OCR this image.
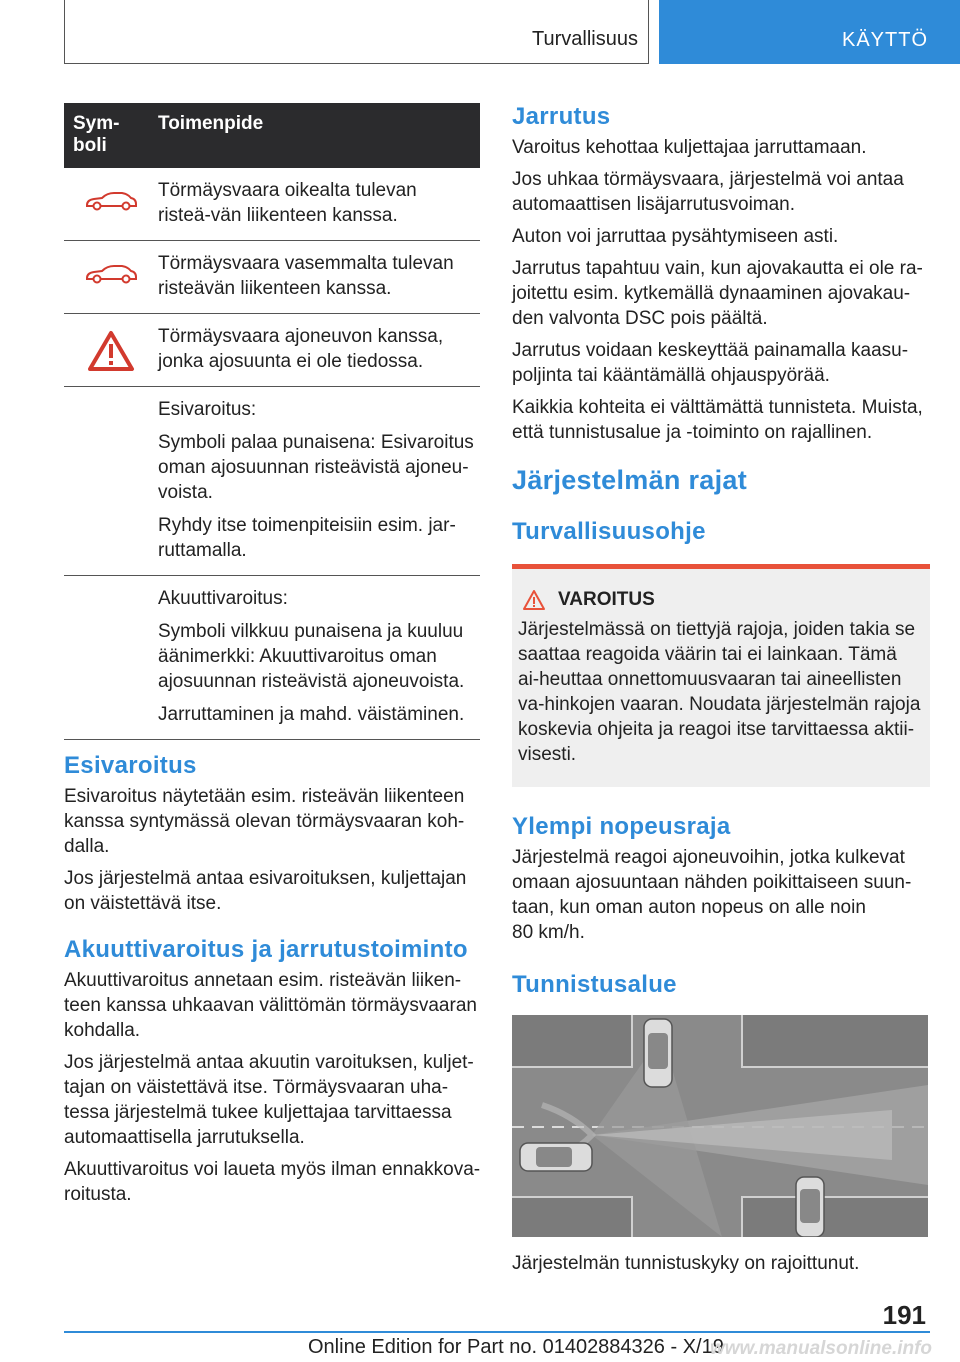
Turvallisuus	KÄYTTÖ
Sym-
boli
Toimenpide

Törmäysvaara oikealta tulevan risteä-vän liikenteen kanssa.

Törmäysvaara vasemmalta tulevan risteävän liikenteen kanssa.

Törmäysvaara ajoneuvon kanssa, jonka ajosuunta ei ole tiedossa.

Esivaroitus:

Symboli palaa punaisena: Esivaroitus oman ajosuunnan risteävistä ajoneu-voista.

Ryhdy itse toimenpiteisiin esim. jar-ruttamalla.

Akuuttivaroitus:

Symboli vilkkuu punaisena ja kuuluu äänimerkki: Akuuttivaroitus oman ajosuunnan risteävistä ajoneuvoista.

Jarruttaminen ja mahd. väistäminen.

Esivaroitus

Esivaroitus näytetään esim. risteävän liikenteen kanssa syntymässä olevan törmäysvaaran koh-dalla.

Jos järjestelmä antaa esivaroituksen, kuljettajan on väistettävä itse.

Akuuttivaroitus ja jarrutustoiminto

Akuuttivaroitus annetaan esim. risteävän liiken-teen kanssa uhkaavan välittömän törmäysvaaran kohdalla.

Jos järjestelmä antaa akuutin varoituksen, kuljet-tajan on väistettävä itse. Törmäysvaaran uha-tessa järjestelmä tukee kuljettajaa tarvittaessa automaattisella jarrutuksella.

Akuuttivaroitus voi laueta myös ilman ennakkova-roitusta.

Jarrutus

Varoitus kehottaa kuljettajaa jarruttamaan.

Jos uhkaa törmäysvaara, järjestelmä voi antaa automaattisen lisäjarrutusvoiman.

Auton voi jarruttaa pysähtymiseen asti.

Jarrutus tapahtuu vain, kun ajovakautta ei ole ra-joitettu esim. kytkemällä dynaaminen ajovakau-den valvonta DSC pois päältä.

Jarrutus voidaan keskeyttää painamalla kaasu-poljinta tai kääntämällä ohjauspyörää.

Kaikkia kohteita ei välttämättä tunnisteta. Muista, että tunnistusalue ja -toiminto on rajallinen.

Järjestelmän rajat
Turvallisuusohje
VAROITUS

Järjestelmässä on tiettyjä rajoja, joiden takia se saattaa reagoida väärin tai ei lainkaan. Tämä ai-heuttaa onnettomuusvaaran tai aineellisten va-hinkojen vaaran. Noudata järjestelmän rajoja koskevia ohjeita ja reagoi itse tarvittaessa aktii-visesti.

Ylempi nopeusraja

Järjestelmä reagoi ajoneuvoihin, jotka kulkevat omaan ajosuuntaan nähden poikittaiseen suun-taan, kun oman auton nopeus on alle noin

80 km/h.

Tunnistusalue

Järjestelmän tunnistuskyky on rajoittunut.

191
Online Edition for Part no. 01402884326 - X/19
www.manualsonline.info
